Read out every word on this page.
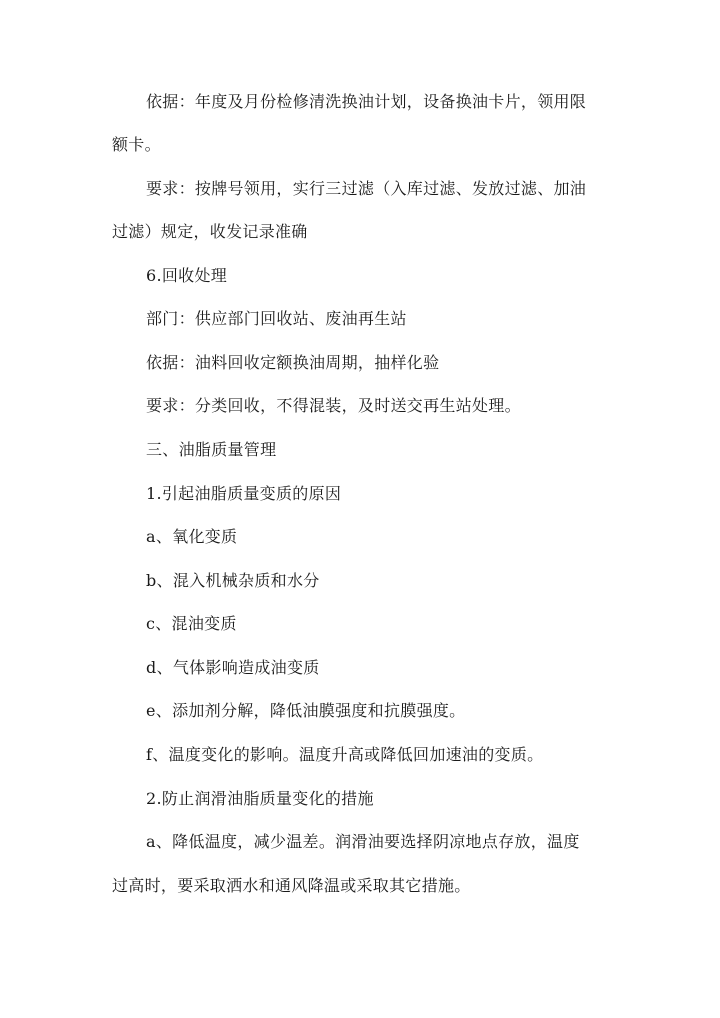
依据：年度及月份检修清洗换油计划，设备换油卡片，领用限
额卡。
要求：按牌号领用，实行三过滤（入库过滤、发放过滤、加油
过滤）规定，收发记录准确
6.回收处理
部门：供应部门回收站、废油再生站
依据：油料回收定额换油周期，抽样化验
要求：分类回收，不得混装，及时送交再生站处理。
三、油脂质量管理
1.引起油脂质量变质的原因
a、氧化变质
b、混入机械杂质和水分
c、混油变质
d、气体影响造成油变质
e、添加剂分解，降低油膜强度和抗膜强度。
f、温度变化的影响。温度升高或降低回加速油的变质。
2.防止润滑油脂质量变化的措施
a、降低温度，减少温差。润滑油要选择阴凉地点存放，温度
过高时，要采取洒水和通风降温或采取其它措施。
